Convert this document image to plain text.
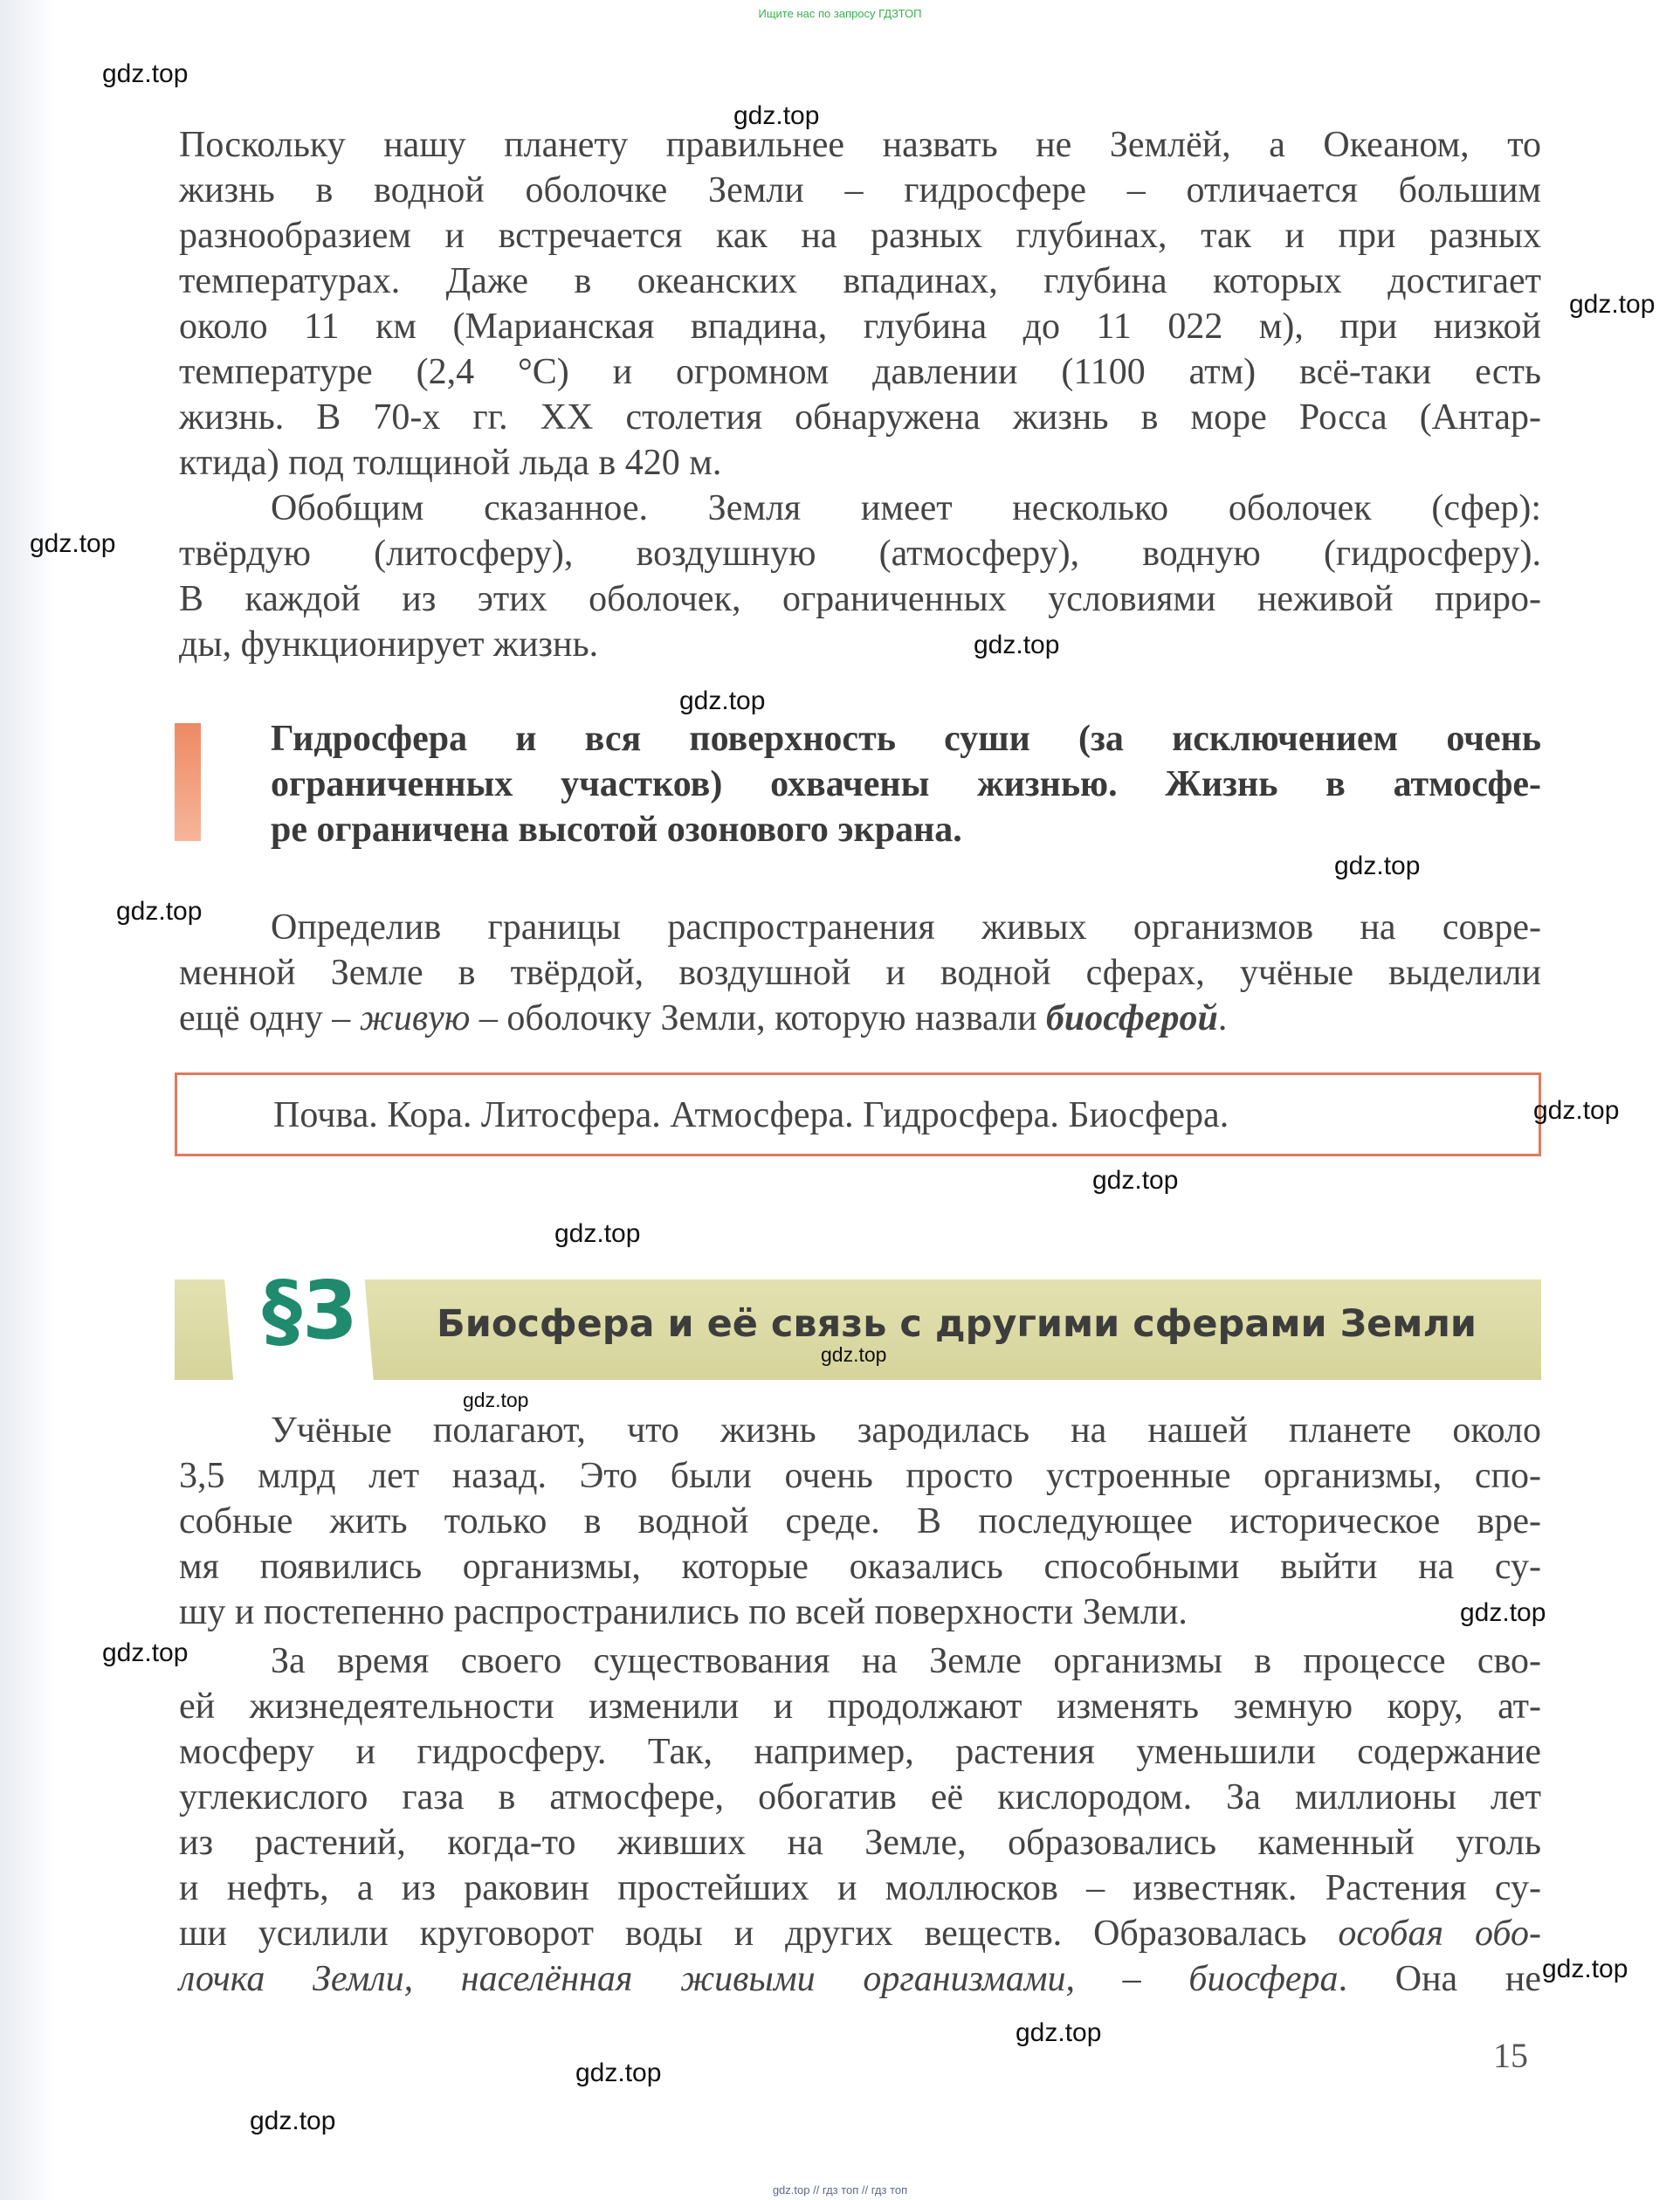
Ищите нас по запросу ГДЗТОП

Поскольку нашу планету правильнее назвать не Землёй, а Океаном, то

жизнь в водной оболочке Земли – гидросфере – отличается большим

разнообразием и встречается как на разных глубинах, так и при разных

температурах. Даже в океанских впадинах, глубина которых достигает

около 11 км (Марианская впадина, глубина до 11 022 м), при низкой

температуре (2,4 °C) и огромном давлении (1100 атм) всё-таки есть

жизнь. В 70-х гг. XX столетия обнаружена жизнь в море Росса (Антар-

ктида) под толщиной льда в 420 м.

Обобщим сказанное. Земля имеет несколько оболочек (сфер):

твёрдую (литосферу), воздушную (атмосферу), водную (гидросферу).

В каждой из этих оболочек, ограниченных условиями неживой приро-

ды, функционирует жизнь.

Гидросфера и вся поверхность суши (за исключением очень

ограниченных участков) охвачены жизнью. Жизнь в атмосфе-

ре ограничена высотой озонового экрана.

Определив границы распространения живых организмов на совре-

менной Земле в твёрдой, воздушной и водной сферах, учёные выделили

ещё одну – живую – оболочку Земли, которую назвали биосферой.

Почва. Кора. Литосфера. Атмосфера. Гидросфера. Биосфера.
§3 Биосфера и её связь с другими сферами Земли

Учёные полагают, что жизнь зародилась на нашей планете около

3,5 млрд лет назад. Это были очень просто устроенные организмы, спо-

собные жить только в водной среде. В последующее историческое вре-

мя появились организмы, которые оказались способными выйти на су-

шу и постепенно распространились по всей поверхности Земли.

За время своего существования на Земле организмы в процессе сво-

ей жизнедеятельности изменили и продолжают изменять земную кору, ат-

мосферу и гидросферу. Так, например, растения уменьшили содержание

углекислого газа в атмосфере, обогатив её кислородом. За миллионы лет

из растений, когда-то живших на Земле, образовались каменный уголь

и нефть, а из раковин простейших и моллюсков – известняк. Растения су-

ши усилили круговорот воды и других веществ. Образовалась особая обо-

лочка Земли, населённая живыми организмами, – биосфера. Она не

15
gdz.top
gdz.top
gdz.top
gdz.top
gdz.top
gdz.top
gdz.top
gdz.top
gdz.top
gdz.top
gdz.top
gdz.top
gdz.top
gdz.top
gdz.top
gdz.top
gdz.top
gdz.top
gdz.top
gdz.top // гдз топ // гдз топ
